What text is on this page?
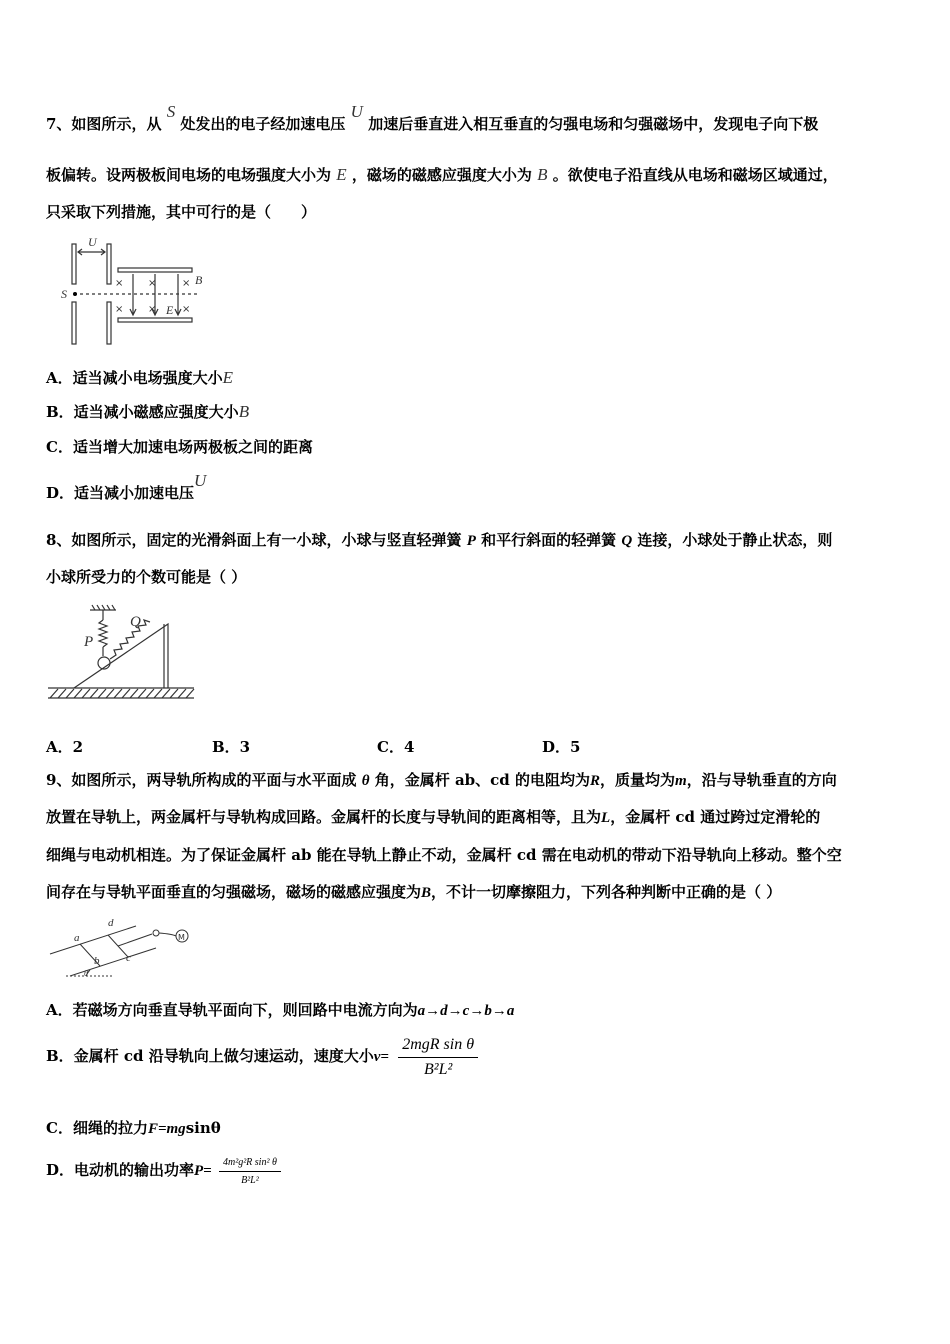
7、如图所示，从 S 处发出的电子经加速电压 U 加速后垂直进入相互垂直的匀强电场和匀强磁场中，发现电子向下极
板偏转。设两极板间电场的电场强度大小为 E ，磁场的磁感应强度大小为 B 。欲使电子沿直线从电场和磁场区域通过，
只采取下列措施，其中可行的是（　　）
U
S
B
E
× ×	×
× ×	×
A．适当减小电场强度大小E
B．适当减小磁感应强度大小B
C．适当增大加速电场两极板之间的距离
D．适当减小加速电压U
8、如图所示，固定的光滑斜面上有一小球，小球与竖直轻弹簧 P 和平行斜面的轻弹簧 Q 连接，小球处于静止状态，则
小球所受力的个数可能是（ ）
P
Q
A．2	B．3	C．4	D．5
9、如图所示，两导轨所构成的平面与水平面成 θ 角，金属杆 ab、cd 的电阻均为R，质量均为m，沿与导轨垂直的方向
放置在导轨上，两金属杆与导轨构成回路。金属杆的长度与导轨间的距离相等，且为L，金属杆 cd 通过跨过定滑轮的
细绳与电动机相连。为了保证金属杆 ab 能在导轨上静止不动，金属杆 cd 需在电动机的带动下沿导轨向上移动。整个空
间存在与导轨平面垂直的匀强磁场，磁场的磁感应强度为B，不计一切摩擦阻力，下列各种判断中正确的是（ ）
a
b c
d
θ
M
A．若磁场方向垂直导轨平面向下，则回路中电流方向为a→d→c→b→a
B．金属杆 cd 沿导轨向上做匀速运动，速度大小$v= \frac{\text{2mgR sin θ}}{\text{B²L²}}$
C．细绳的拉力F=mgsinθ
D．电动机的输出功率$P= \frac{\text{4m²g²R sin² θ}}{\text{B²L²}}$
